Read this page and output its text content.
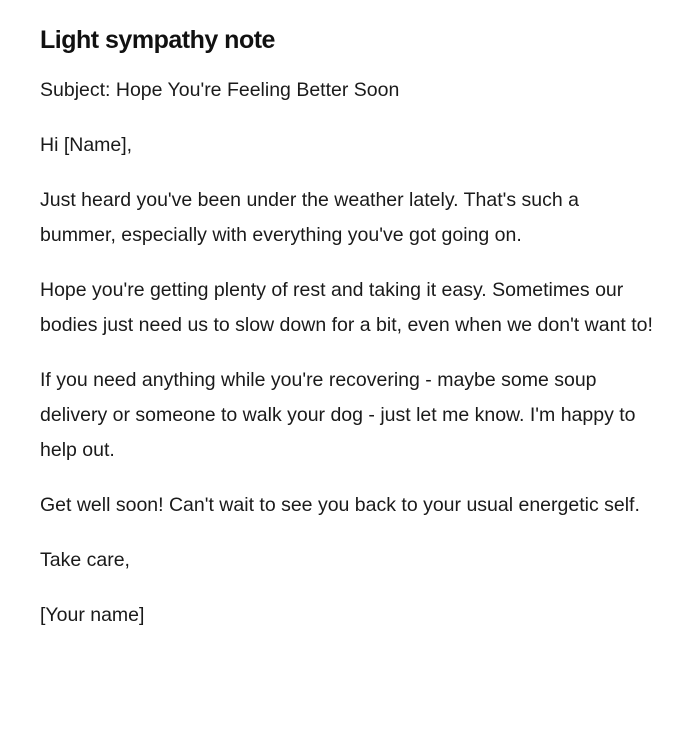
Light sympathy note

Subject: Hope You're Feeling Better Soon

Hi [Name],

Just heard you've been under the weather lately. That's such a bummer, especially with everything you've got going on.

Hope you're getting plenty of rest and taking it easy. Sometimes our bodies just need us to slow down for a bit, even when we don't want to!

If you need anything while you're recovering - maybe some soup delivery or someone to walk your dog - just let me know. I'm happy to help out.

Get well soon! Can't wait to see you back to your usual energetic self.

Take care,

[Your name]
